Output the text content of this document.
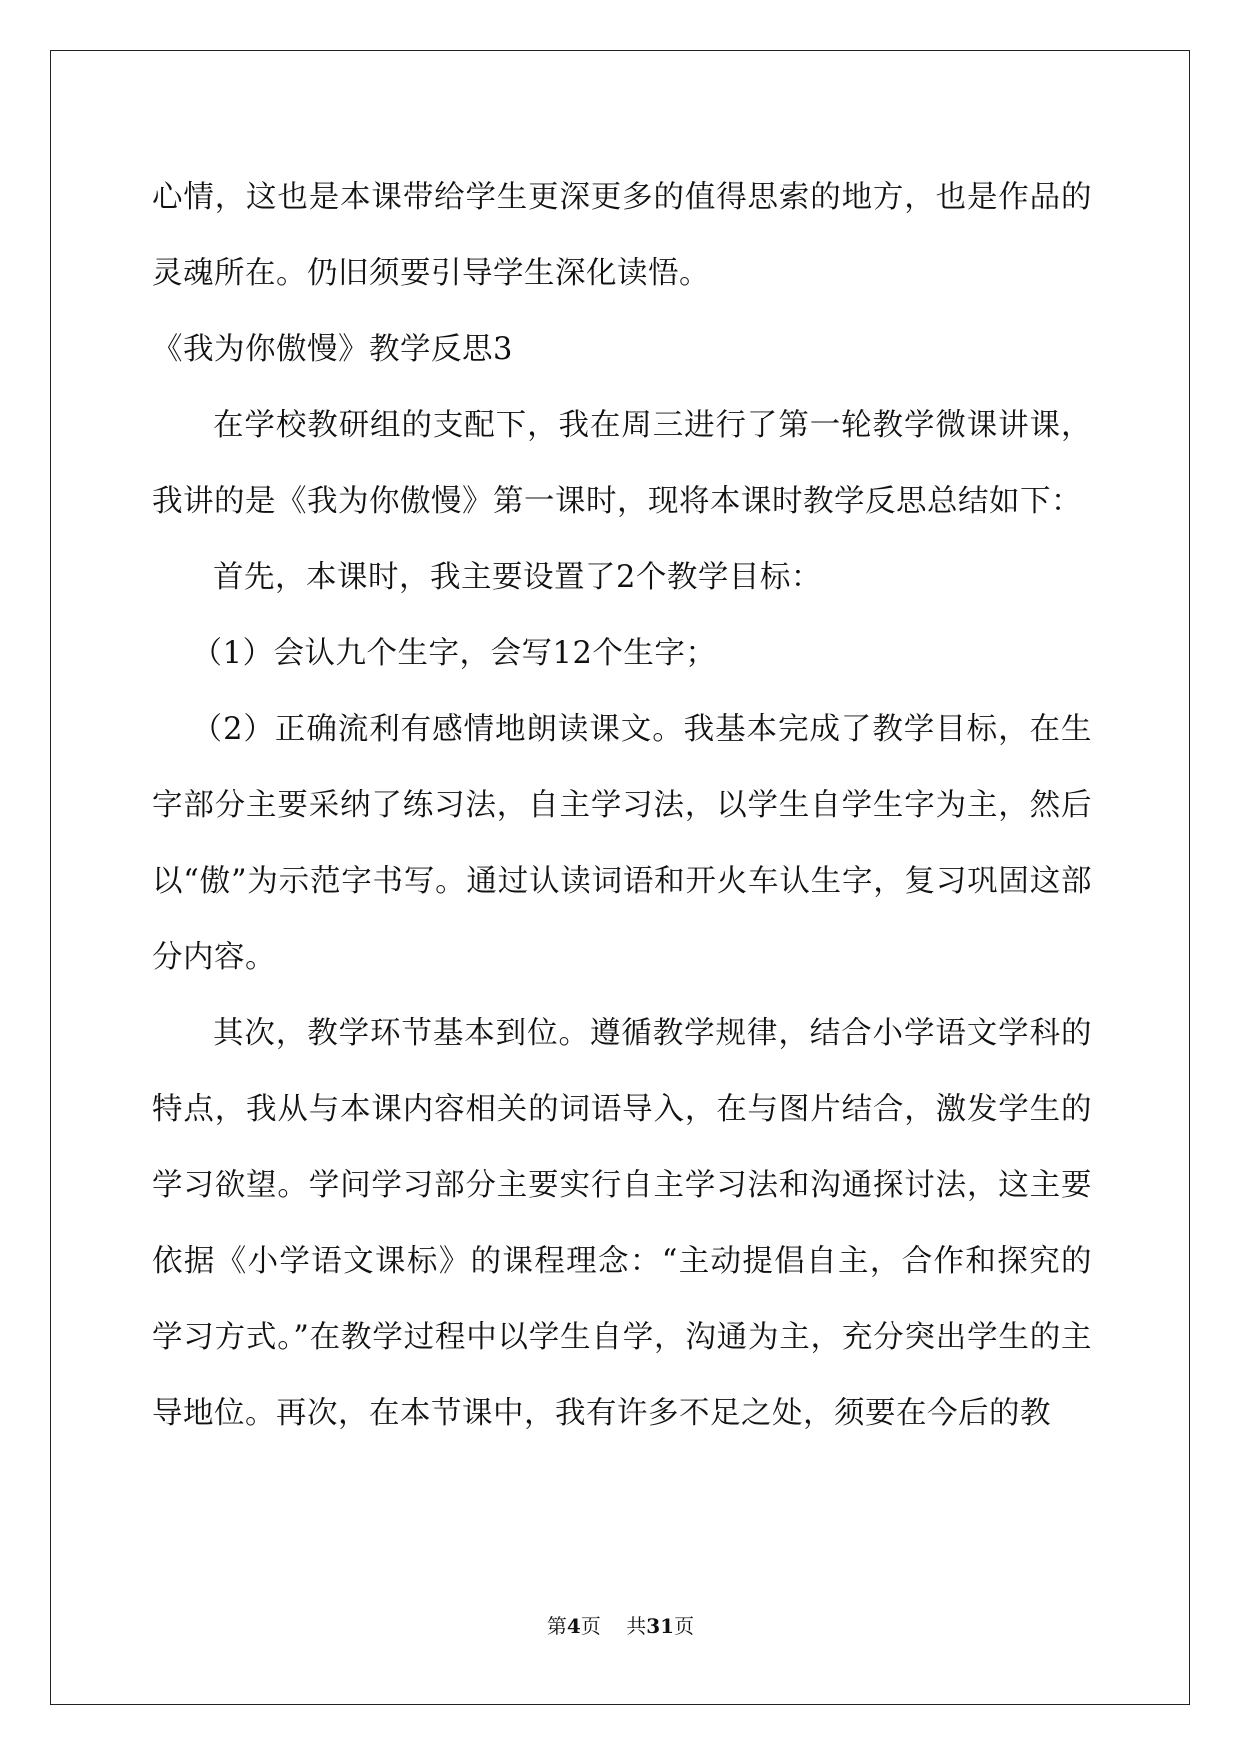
心情，这也是本课带给学生更深更多的值得思索的地方，也是作品的灵魂所在。仍旧须要引导学生深化读悟。

《我为你傲慢》教学反思3

在学校教研组的支配下，我在周三进行了第一轮教学微课讲课，我讲的是《我为你傲慢》第一课时，现将本课时教学反思总结如下：

首先，本课时，我主要设置了2个教学目标：

（1）会认九个生字，会写12个生字；

（2）正确流利有感情地朗读课文。我基本完成了教学目标，在生字部分主要采纳了练习法，自主学习法，以学生自学生字为主，然后以“傲”为示范字书写。通过认读词语和开火车认生字，复习巩固这部分内容。

其次，教学环节基本到位。遵循教学规律，结合小学语文学科的特点，我从与本课内容相关的词语导入，在与图片结合，激发学生的学习欲望。学问学习部分主要实行自主学习法和沟通探讨法，这主要依据《小学语文课标》的课程理念：“主动提倡自主，合作和探究的学习方式。”在教学过程中以学生自学，沟通为主，充分突出学生的主导地位。再次，在本节课中，我有许多不足之处，须要在今后的教

第4页 共31页
